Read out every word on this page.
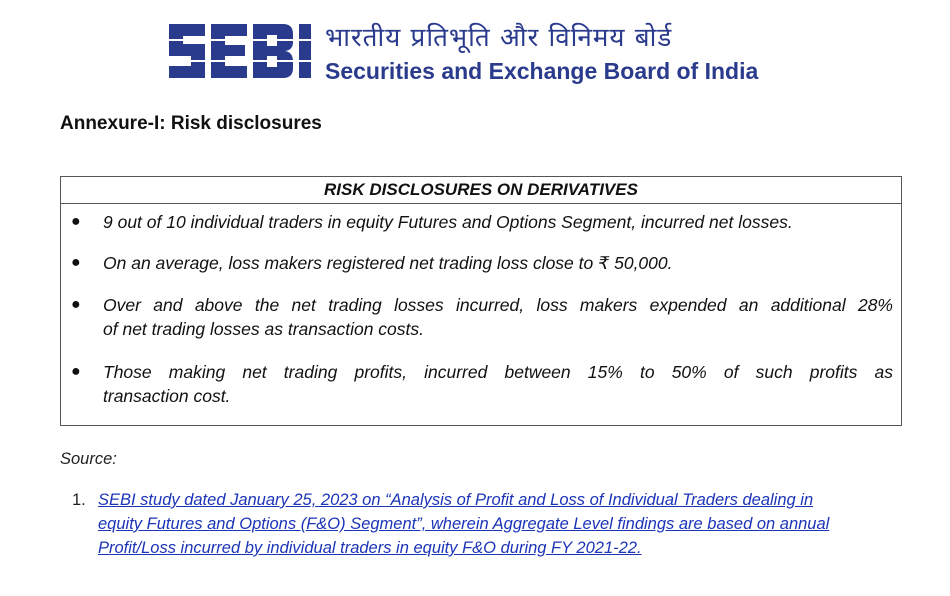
भारतीय प्रतिभूति और विनिमय बोर्ड
Securities and Exchange Board of India
Annexure-I: Risk disclosures
RISK DISCLOSURES ON DERIVATIVES
● 9 out of 10 individual traders in equity Futures and Options Segment, incurred net losses.
● On an average, loss makers registered net trading loss close to ₹ 50,000.
● Over and above the net trading losses incurred, loss makers expended an additional 28%
of net trading losses as transaction costs.
● Those making net trading profits, incurred between 15% to 50% of such profits as
transaction cost.
Source:
1. SEBI study dated January 25, 2023 on “Analysis of Profit and Loss of Individual Traders dealing in
equity Futures and Options (F&O) Segment”, wherein Aggregate Level findings are based on annual
Profit/Loss incurred by individual traders in equity F&O during FY 2021-22.
